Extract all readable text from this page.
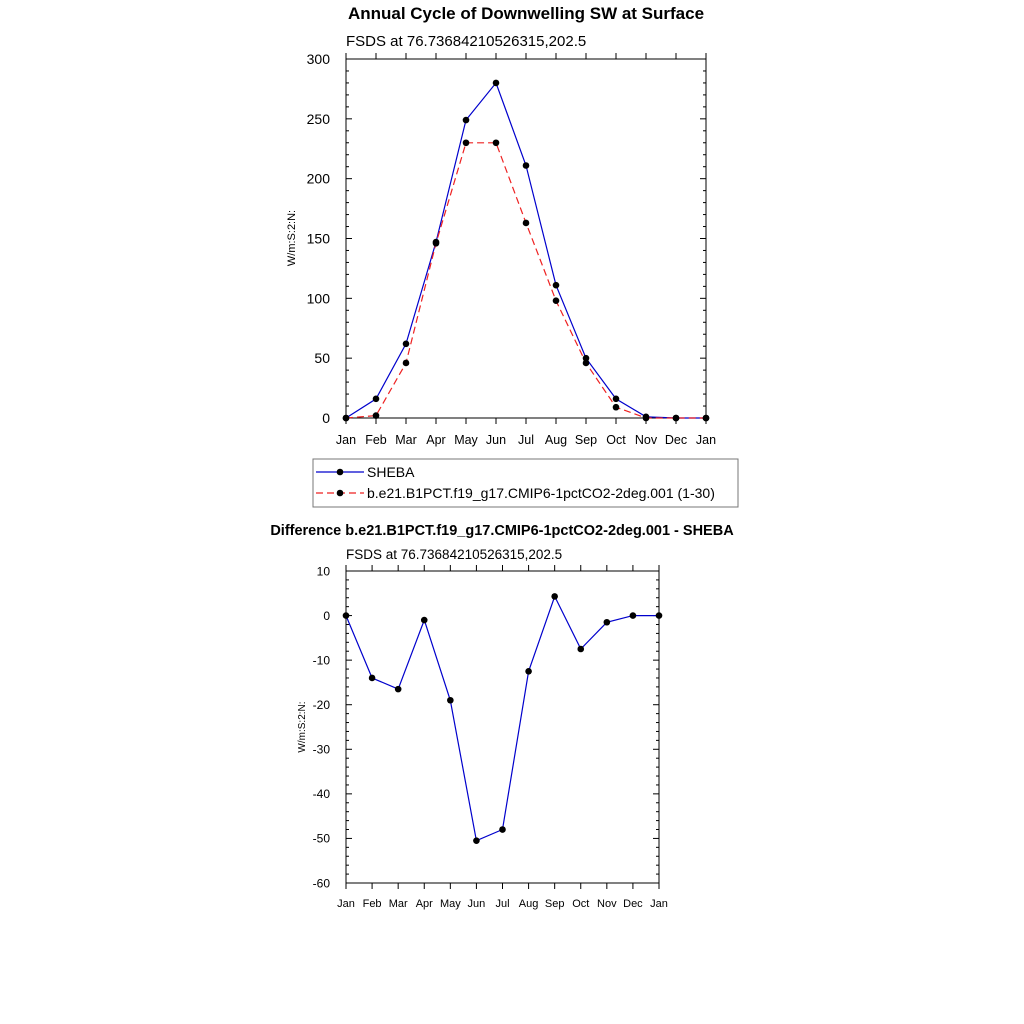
Annual Cycle of Downwelling SW at Surface
FSDS at 76.73684210526315,202.5
W/m:S:2:N:
0
50
100
150
200
250
300
Jan Feb Mar Apr May Jun Jul Aug Sep Oct Nov Dec Jan
SHEBA
b.e21.B1PCT.f19_g17.CMIP6-1pctCO2-2deg.001 (1-30)
Difference b.e21.B1PCT.f19_g17.CMIP6-1pctCO2-2deg.001 - SHEBA
FSDS at 76.73684210526315,202.5
W/m:S:2:N:
-60
-50
-40
-30
-20
-10
0
10
Jan Feb Mar Apr May Jun Jul Aug Sep Oct Nov Dec Jan
